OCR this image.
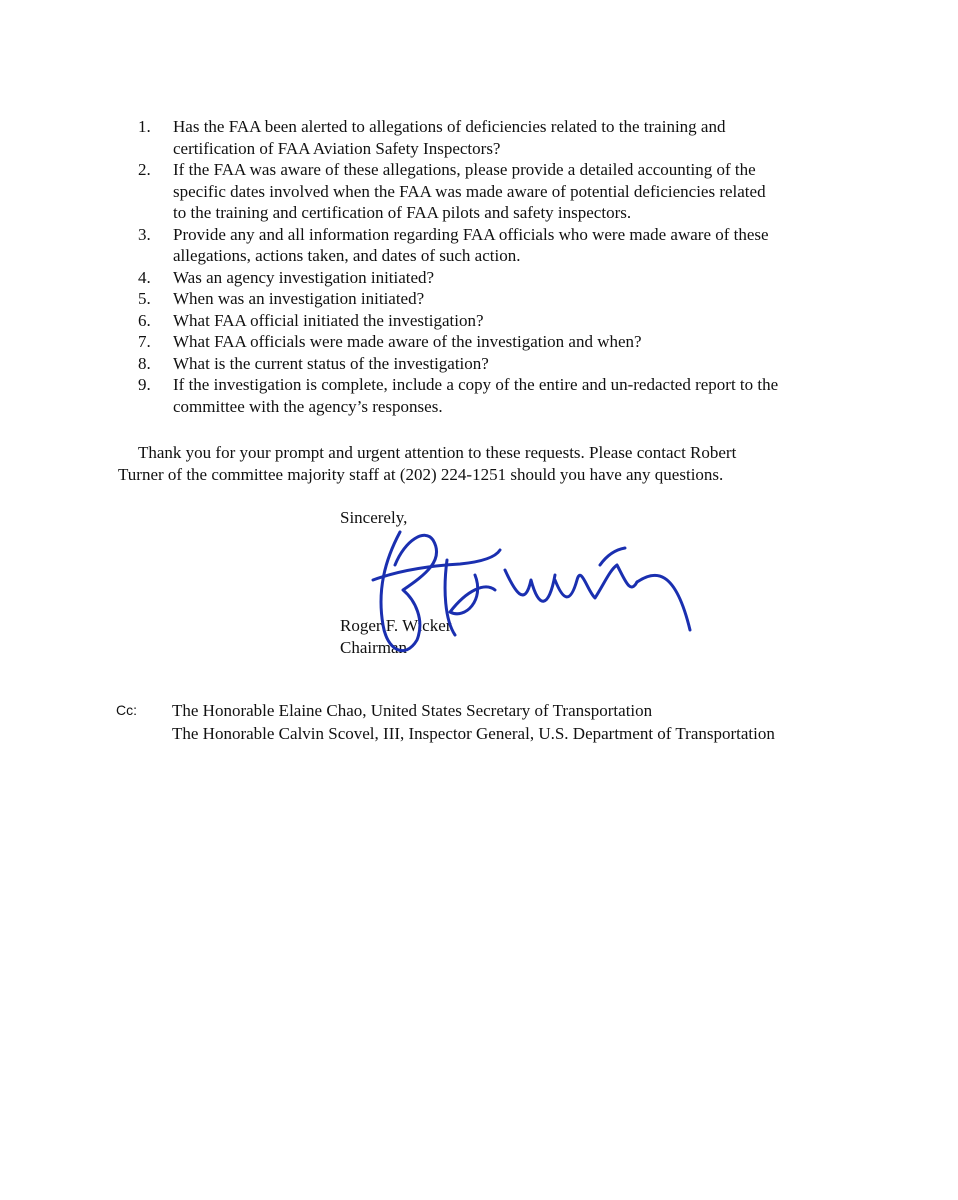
1.	Has the FAA been alerted to allegations of deficiencies related to the training and
certification of FAA Aviation Safety Inspectors?
2.	If the FAA was aware of these allegations, please provide a detailed accounting of the
specific dates involved when the FAA was made aware of potential deficiencies related
to the training and certification of FAA pilots and safety inspectors.
3.	Provide any and all information regarding FAA officials who were made aware of these
allegations, actions taken, and dates of such action.
4.	Was an agency investigation initiated?
5.	When was an investigation initiated?
6.	What FAA official initiated the investigation?
7.	What FAA officials were made aware of the investigation and when?
8.	What is the current status of the investigation?
9.	If the investigation is complete, include a copy of the entire and un-redacted report to the
committee with the agency’s responses.

Thank you for your prompt and urgent attention to these requests. Please contact Robert
Turner of the committee majority staff at (202) 224-1251 should you have any questions.

Sincerely,

Roger F. Wicker

Chairman

Cc: The Honorable Elaine Chao, United States Secretary of Transportation
The Honorable Calvin Scovel, III, Inspector General, U.S. Department of Transportation
